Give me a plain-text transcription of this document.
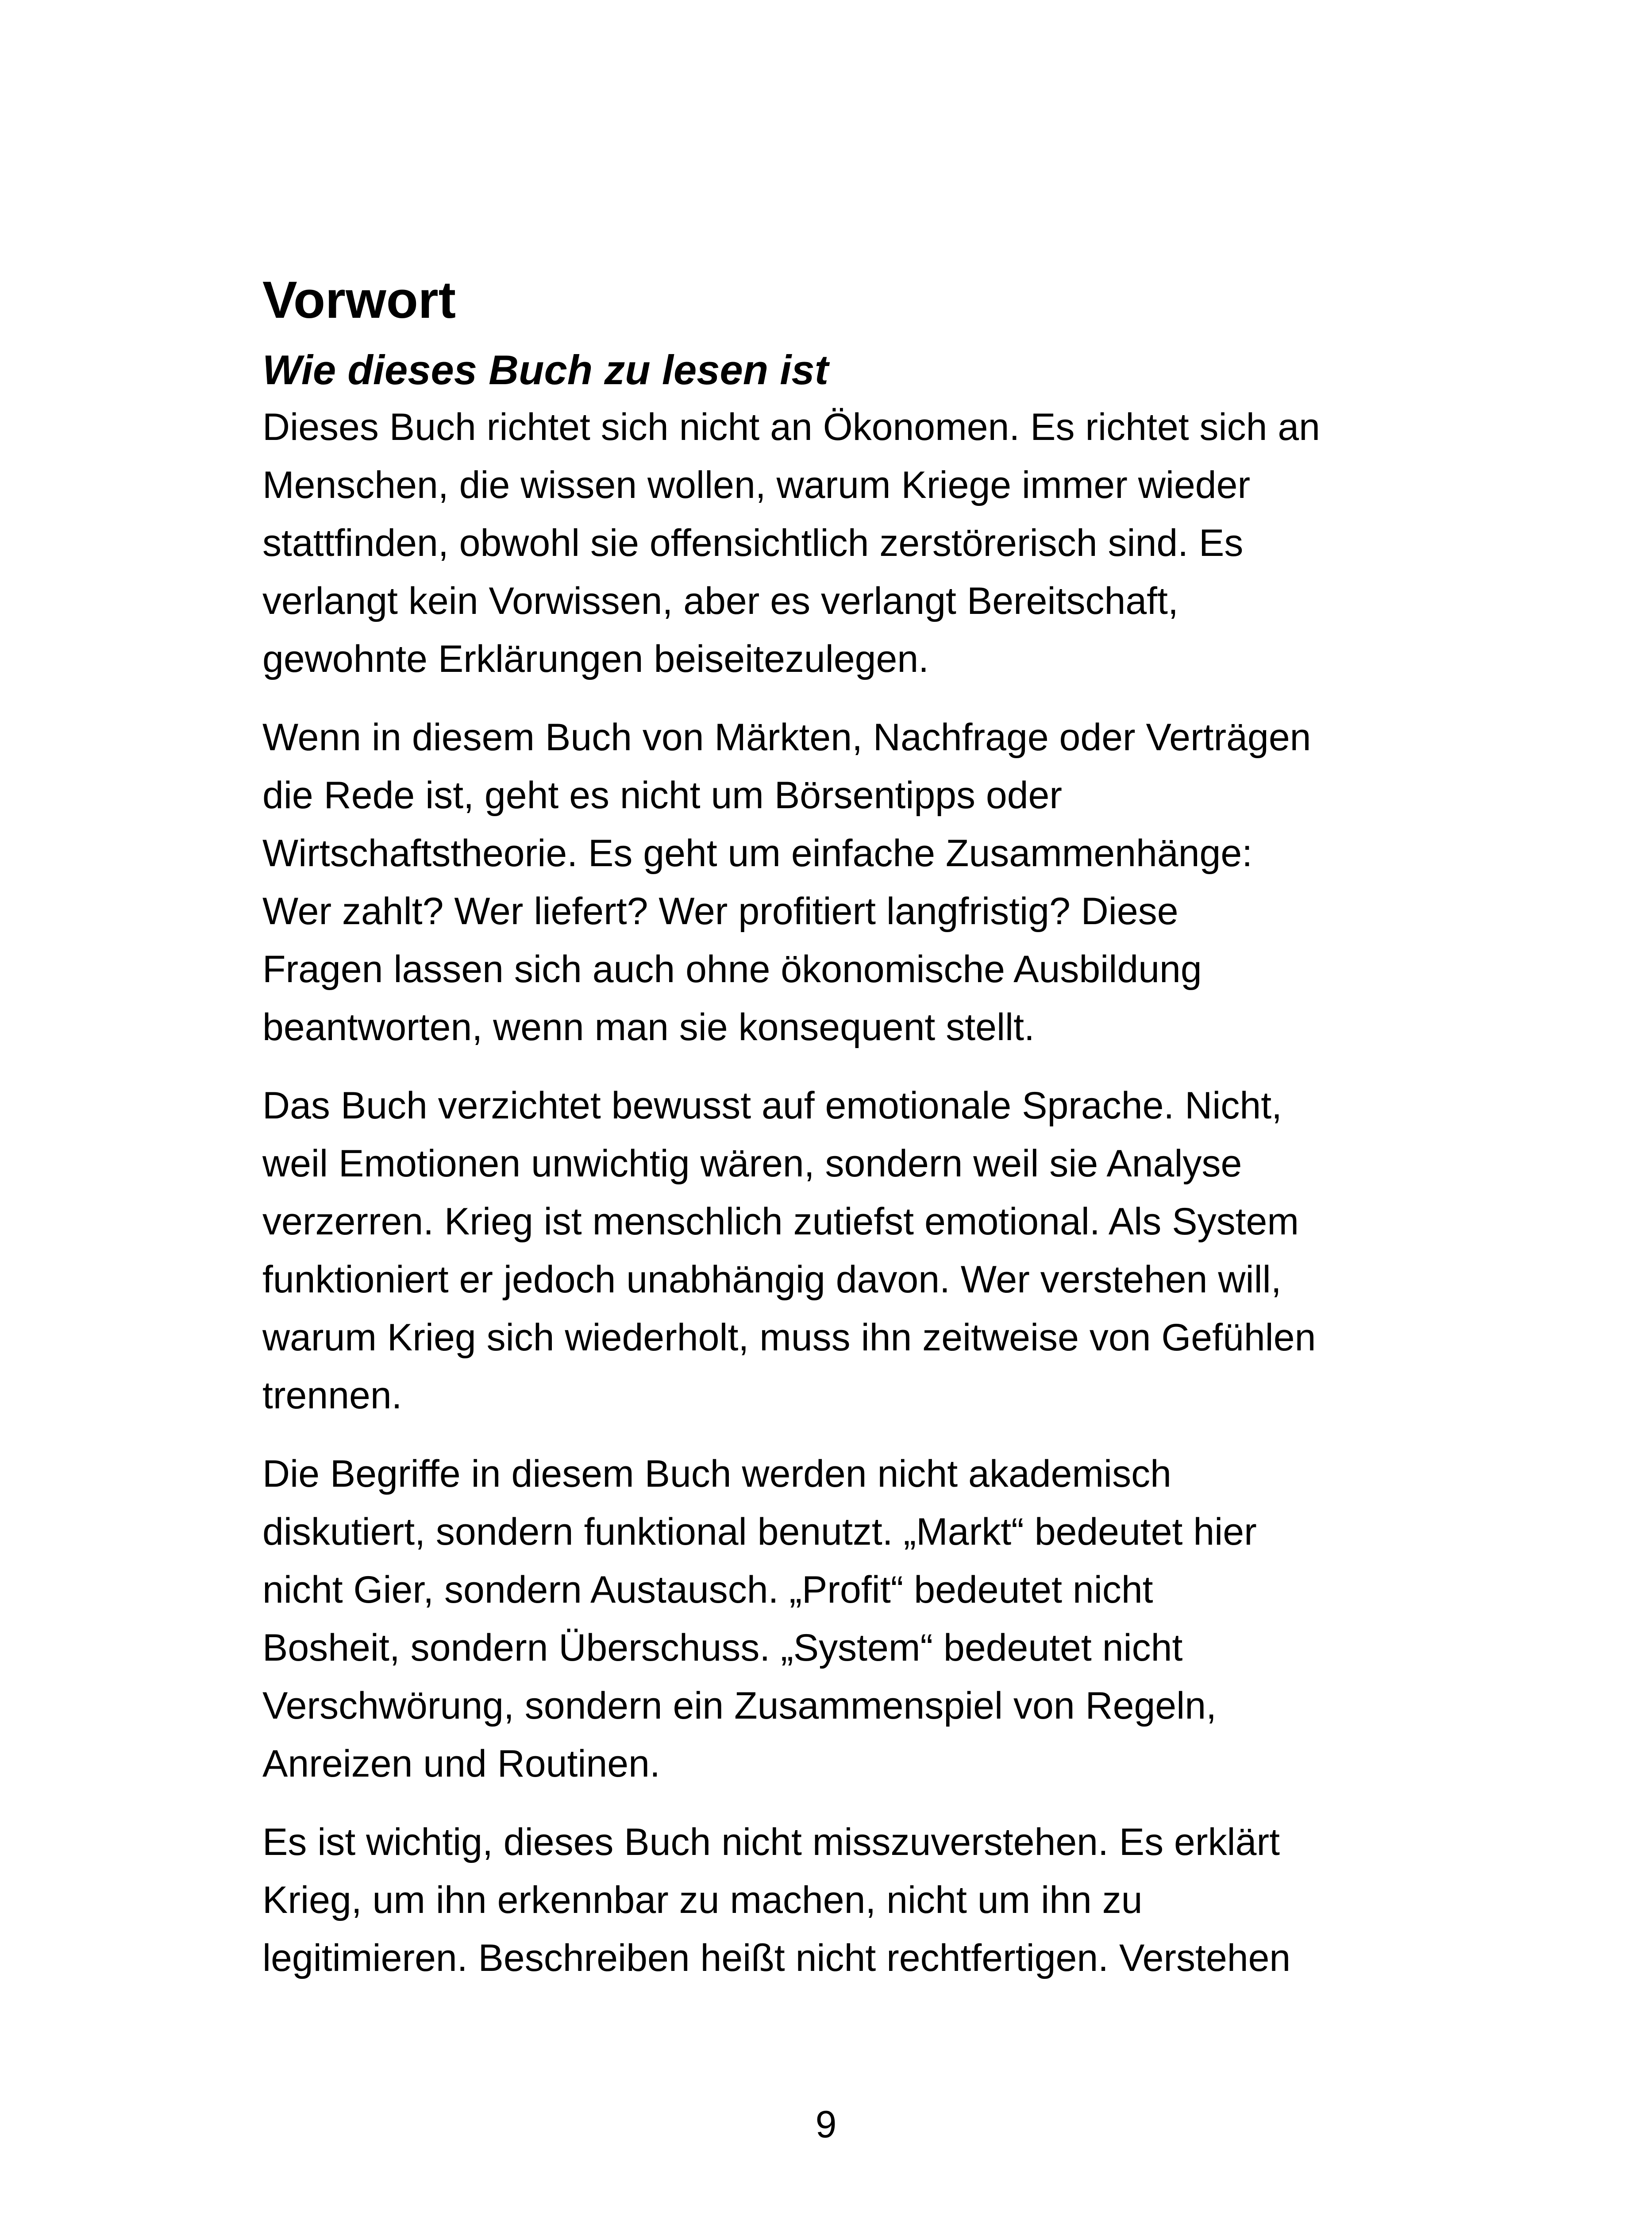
Vorwort
Wie dieses Buch zu lesen ist

Dieses Buch richtet sich nicht an Ökonomen. Es richtet sich an
Menschen, die wissen wollen, warum Kriege immer wieder
stattfinden, obwohl sie offensichtlich zerstörerisch sind. Es
verlangt kein Vorwissen, aber es verlangt Bereitschaft,
gewohnte Erklärungen beiseitezulegen.

Wenn in diesem Buch von Märkten, Nachfrage oder Verträgen
die Rede ist, geht es nicht um Börsentipps oder
Wirtschaftstheorie. Es geht um einfache Zusammenhänge:
Wer zahlt? Wer liefert? Wer profitiert langfristig? Diese
Fragen lassen sich auch ohne ökonomische Ausbildung
beantworten, wenn man sie konsequent stellt.

Das Buch verzichtet bewusst auf emotionale Sprache. Nicht,
weil Emotionen unwichtig wären, sondern weil sie Analyse
verzerren. Krieg ist menschlich zutiefst emotional. Als System
funktioniert er jedoch unabhängig davon. Wer verstehen will,
warum Krieg sich wiederholt, muss ihn zeitweise von Gefühlen
trennen.

Die Begriffe in diesem Buch werden nicht akademisch
diskutiert, sondern funktional benutzt. „Markt“ bedeutet hier
nicht Gier, sondern Austausch. „Profit“ bedeutet nicht
Bosheit, sondern Überschuss. „System“ bedeutet nicht
Verschwörung, sondern ein Zusammenspiel von Regeln,
Anreizen und Routinen.

Es ist wichtig, dieses Buch nicht misszuverstehen. Es erklärt
Krieg, um ihn erkennbar zu machen, nicht um ihn zu
legitimieren. Beschreiben heißt nicht rechtfertigen. Verstehen

9
